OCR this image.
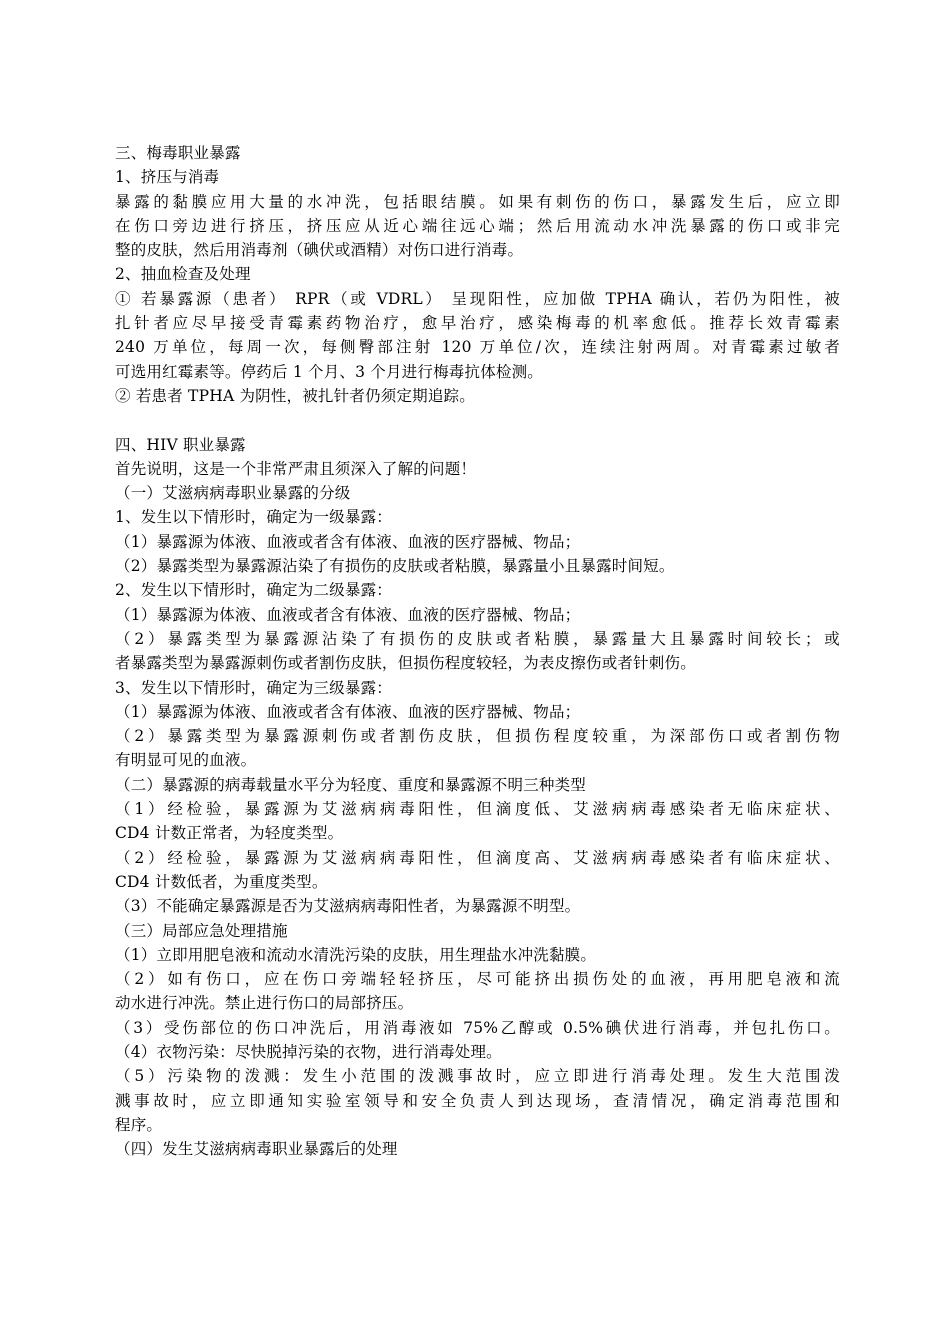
三、梅毒职业暴露
1、挤压与消毒
暴露的黏膜应用大量的水冲洗，包括眼结膜。如果有刺伤的伤口，暴露发生后，应立即
在伤口旁边进行挤压，挤压应从近心端往远心端；然后用流动水冲洗暴露的伤口或非完
整的皮肤，然后用消毒剂（碘伏或酒精）对伤口进行消毒。
2、抽血检查及处理
① 若暴露源（患者） RPR（或 VDRL） 呈现阳性，应加做 TPHA 确认，若仍为阳性，被
扎针者应尽早接受青霉素药物治疗，愈早治疗，感染梅毒的机率愈低。推荐长效青霉素
240 万单位，每周一次，每侧臀部注射 120 万单位/次，连续注射两周。对青霉素过敏者
可选用红霉素等。停药后 1 个月、3 个月进行梅毒抗体检测。
② 若患者 TPHA 为阴性，被扎针者仍须定期追踪。
四、HIV 职业暴露
首先说明，这是一个非常严肃且须深入了解的问题！
（一）艾滋病病毒职业暴露的分级
1、发生以下情形时，确定为一级暴露：
（1）暴露源为体液、血液或者含有体液、血液的医疗器械、物品；
（2）暴露类型为暴露源沾染了有损伤的皮肤或者粘膜，暴露量小且暴露时间短。
2、发生以下情形时，确定为二级暴露：
（1）暴露源为体液、血液或者含有体液、血液的医疗器械、物品；
（2）暴露类型为暴露源沾染了有损伤的皮肤或者粘膜，暴露量大且暴露时间较长；或
者暴露类型为暴露源刺伤或者割伤皮肤，但损伤程度较轻，为表皮擦伤或者针刺伤。
3、发生以下情形时，确定为三级暴露：
（1）暴露源为体液、血液或者含有体液、血液的医疗器械、物品；
（2）暴露类型为暴露源刺伤或者割伤皮肤，但损伤程度较重，为深部伤口或者割伤物
有明显可见的血液。
（二）暴露源的病毒载量水平分为轻度、重度和暴露源不明三种类型
（1）经检验，暴露源为艾滋病病毒阳性，但滴度低、艾滋病病毒感染者无临床症状、
CD4 计数正常者，为轻度类型。
（2）经检验，暴露源为艾滋病病毒阳性，但滴度高、艾滋病病毒感染者有临床症状、
CD4 计数低者，为重度类型。
（3）不能确定暴露源是否为艾滋病病毒阳性者，为暴露源不明型。
（三）局部应急处理措施
（1）立即用肥皂液和流动水清洗污染的皮肤，用生理盐水冲洗黏膜。
（2）如有伤口，应在伤口旁端轻轻挤压，尽可能挤出损伤处的血液，再用肥皂液和流
动水进行冲洗。禁止进行伤口的局部挤压。
（3）受伤部位的伤口冲洗后，用消毒液如 75%乙醇或 0.5%碘伏进行消毒，并包扎伤口。
（4）衣物污染：尽快脱掉污染的衣物，进行消毒处理。
（5）污染物的泼溅：发生小范围的泼溅事故时，应立即进行消毒处理。发生大范围泼
溅事故时，应立即通知实验室领导和安全负责人到达现场，查清情况，确定消毒范围和
程序。
（四）发生艾滋病病毒职业暴露后的处理
